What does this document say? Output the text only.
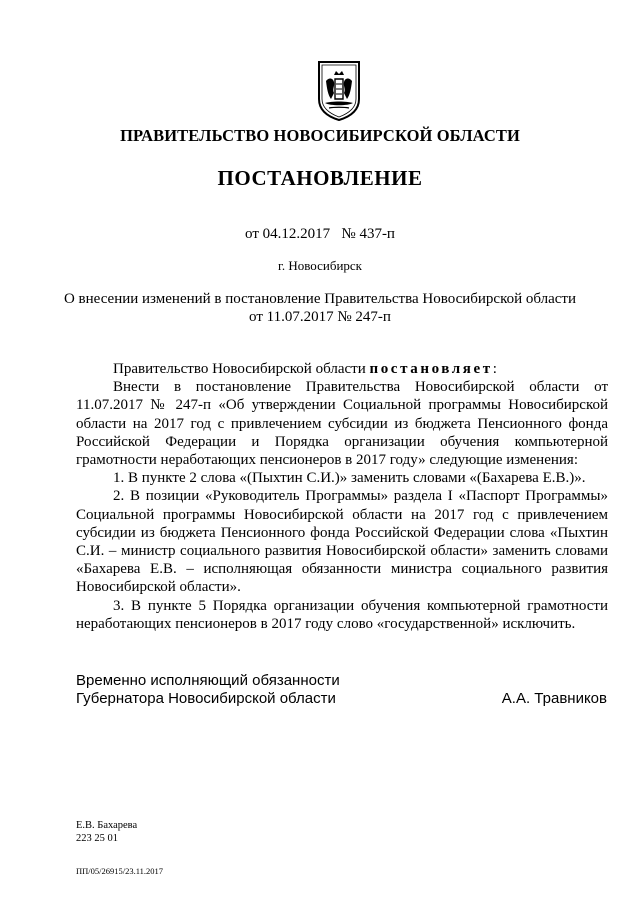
ПРАВИТЕЛЬСТВО НОВОСИБИРСКОЙ ОБЛАСТИ
ПОСТАНОВЛЕНИЕ
от 04.12.2017 № 437-п
г. Новосибирск
О внесении изменений в постановление Правительства Новосибирской области
от 11.07.2017 № 247-п

Правительство Новосибирской области постановляет:

Внести в постановление Правительства Новосибирской области от 11.07.2017 № 247-п «Об утверждении Социальной программы Новосибирской области на 2017 год с привлечением субсидии из бюджета Пенсионного фонда Российской Федерации и Порядка организации обучения компьютерной грамотности неработающих пенсионеров в 2017 году» следующие изменения:

1. В пункте 2 слова «(Пыхтин С.И.)» заменить словами «(Бахарева Е.В.)».

2. В позиции «Руководитель Программы» раздела I «Паспорт Программы» Социальной программы Новосибирской области на 2017 год с привлечением субсидии из бюджета Пенсионного фонда Российской Федерации слова «Пыхтин С.И. – министр социального развития Новосибирской области» заменить словами «Бахарева Е.В. – исполняющая обязанности министра социального развития Новосибирской области».

3. В пункте 5 Порядка организации обучения компьютерной грамотности неработающих пенсионеров в 2017 году слово «государственной» исключить.

Временно исполняющий обязанности
Губернатора Новосибирской области	А.А. Травников
Е.В. Бахарева
223 25 01
ПП/05/26915/23.11.2017
